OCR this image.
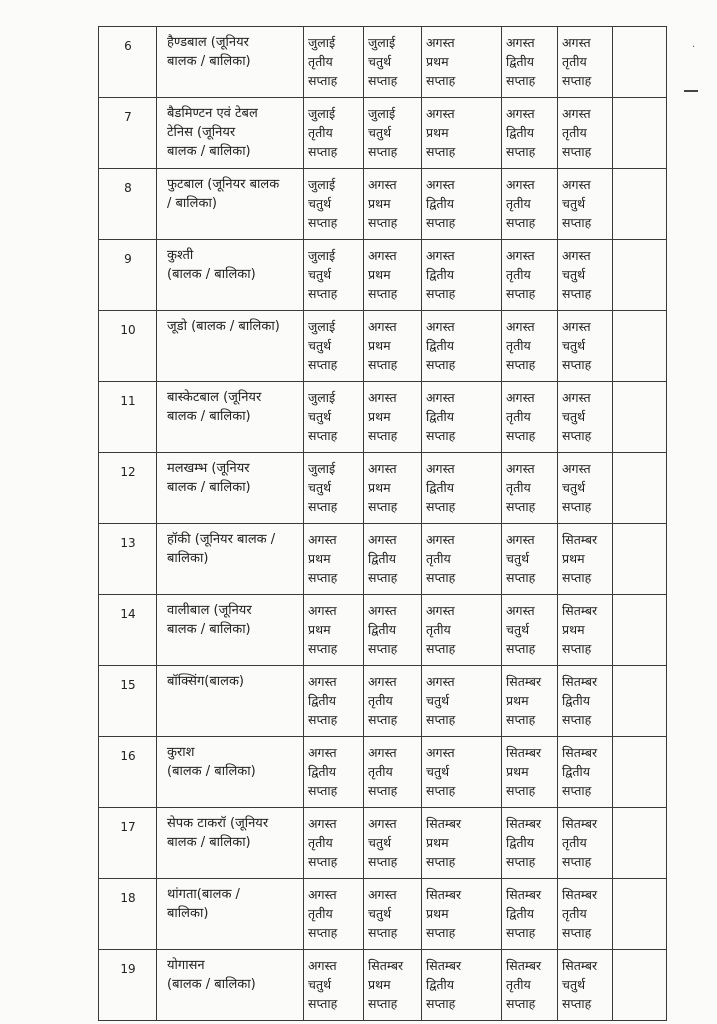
6	हैण्डबाल (जूनियर
बालक / बालिका)	जुलाई
तृतीय
सप्ताह	जुलाई
चतुर्थ
सप्ताह	अगस्त
प्रथम
सप्ताह	अगस्त
द्वितीय
सप्ताह	अगस्त
तृतीय
सप्ताह	
7	बैडमिण्टन एवं टेबल
टेनिस (जूनियर
बालक / बालिका)	जुलाई
तृतीय
सप्ताह	जुलाई
चतुर्थ
सप्ताह	अगस्त
प्रथम
सप्ताह	अगस्त
द्वितीय
सप्ताह	अगस्त
तृतीय
सप्ताह	
8	फुटबाल (जूनियर बालक
/ बालिका)	जुलाई
चतुर्थ
सप्ताह	अगस्त
प्रथम
सप्ताह	अगस्त
द्वितीय
सप्ताह	अगस्त
तृतीय
सप्ताह	अगस्त
चतुर्थ
सप्ताह	
9	कुश्ती
(बालक / बालिका)	जुलाई
चतुर्थ
सप्ताह	अगस्त
प्रथम
सप्ताह	अगस्त
द्वितीय
सप्ताह	अगस्त
तृतीय
सप्ताह	अगस्त
चतुर्थ
सप्ताह	
10	जूडो (बालक / बालिका)	जुलाई
चतुर्थ
सप्ताह	अगस्त
प्रथम
सप्ताह	अगस्त
द्वितीय
सप्ताह	अगस्त
तृतीय
सप्ताह	अगस्त
चतुर्थ
सप्ताह	
11	बास्केटबाल (जूनियर
बालक / बालिका)	जुलाई
चतुर्थ
सप्ताह	अगस्त
प्रथम
सप्ताह	अगस्त
द्वितीय
सप्ताह	अगस्त
तृतीय
सप्ताह	अगस्त
चतुर्थ
सप्ताह	
12	मलखम्भ (जूनियर
बालक / बालिका)	जुलाई
चतुर्थ
सप्ताह	अगस्त
प्रथम
सप्ताह	अगस्त
द्वितीय
सप्ताह	अगस्त
तृतीय
सप्ताह	अगस्त
चतुर्थ
सप्ताह	
13	हॉकी (जूनियर बालक /
बालिका)	अगस्त
प्रथम
सप्ताह	अगस्त
द्वितीय
सप्ताह	अगस्त
तृतीय
सप्ताह	अगस्त
चतुर्थ
सप्ताह	सितम्बर
प्रथम
सप्ताह	
14	वालीबाल (जूनियर
बालक / बालिका)	अगस्त
प्रथम
सप्ताह	अगस्त
द्वितीय
सप्ताह	अगस्त
तृतीय
सप्ताह	अगस्त
चतुर्थ
सप्ताह	सितम्बर
प्रथम
सप्ताह	
15	बॉक्सिंग(बालक)	अगस्त
द्वितीय
सप्ताह	अगस्त
तृतीय
सप्ताह	अगस्त
चतुर्थ
सप्ताह	सितम्बर
प्रथम
सप्ताह	सितम्बर
द्वितीय
सप्ताह	
16	कुराश
(बालक / बालिका)	अगस्त
द्वितीय
सप्ताह	अगस्त
तृतीय
सप्ताह	अगस्त
चतुर्थ
सप्ताह	सितम्बर
प्रथम
सप्ताह	सितम्बर
द्वितीय
सप्ताह	
17	सेपक टाकरॉ (जूनियर
बालक / बालिका)	अगस्त
तृतीय
सप्ताह	अगस्त
चतुर्थ
सप्ताह	सितम्बर
प्रथम
सप्ताह	सितम्बर
द्वितीय
सप्ताह	सितम्बर
तृतीय
सप्ताह	
18	थांगता(बालक /
बालिका)	अगस्त
तृतीय
सप्ताह	अगस्त
चतुर्थ
सप्ताह	सितम्बर
प्रथम
सप्ताह	सितम्बर
द्वितीय
सप्ताह	सितम्बर
तृतीय
सप्ताह	
19	योगासन
(बालक / बालिका)	अगस्त
चतुर्थ
सप्ताह	सितम्बर
प्रथम
सप्ताह	सितम्बर
द्वितीय
सप्ताह	सितम्बर
तृतीय
सप्ताह	सितम्बर
चतुर्थ
सप्ताह	
·
